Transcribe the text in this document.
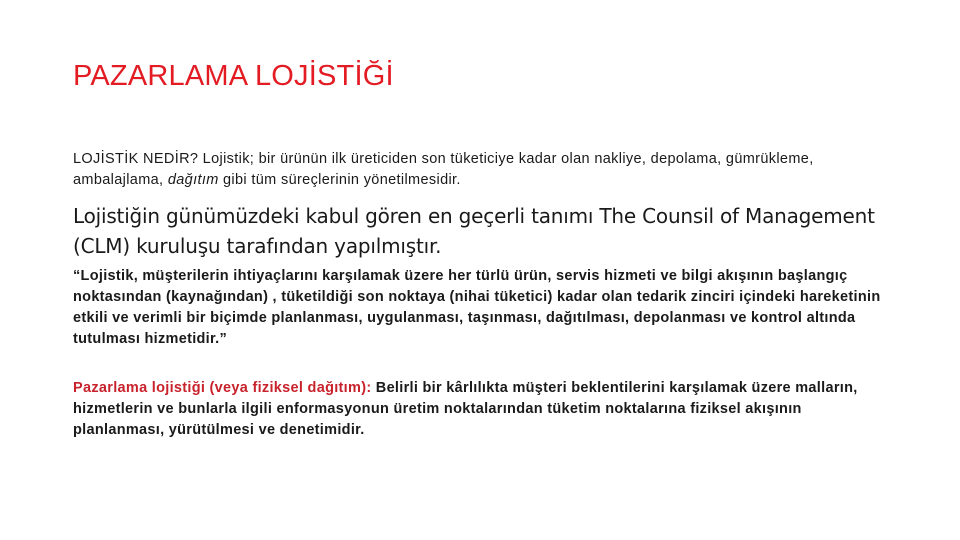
PAZARLAMA LOJİSTİĞİ
LOJİSTİK NEDİR? Lojistik; bir ürünün ilk üreticiden son tüketiciye kadar olan nakliye, depolama, gümrükleme, ambalajlama, dağıtım gibi tüm süreçlerinin yönetilmesidir.
Lojistiğin günümüzdeki kabul gören en geçerli tanımı The Counsil of Management (CLM) kuruluşu tarafından yapılmıştır.
“Lojistik, müşterilerin ihtiyaçlarını karşılamak üzere her türlü ürün, servis hizmeti ve bilgi akışının başlangıç noktasından (kaynağından) , tüketildiği son noktaya (nihai tüketici) kadar olan tedarik zinciri içindeki hareketinin etkili ve verimli bir biçimde planlanması, uygulanması, taşınması, dağıtılması, depolanması ve kontrol altında tutulması hizmetidir.”
Pazarlama lojistiği (veya fiziksel dağıtım): Belirli bir kârlılıkta müşteri beklentilerini karşılamak üzere malların, hizmetlerin ve bunlarla ilgili enformasyonun üretim noktalarından tüketim noktalarına fiziksel akışının planlanması, yürütülmesi ve denetimidir.
